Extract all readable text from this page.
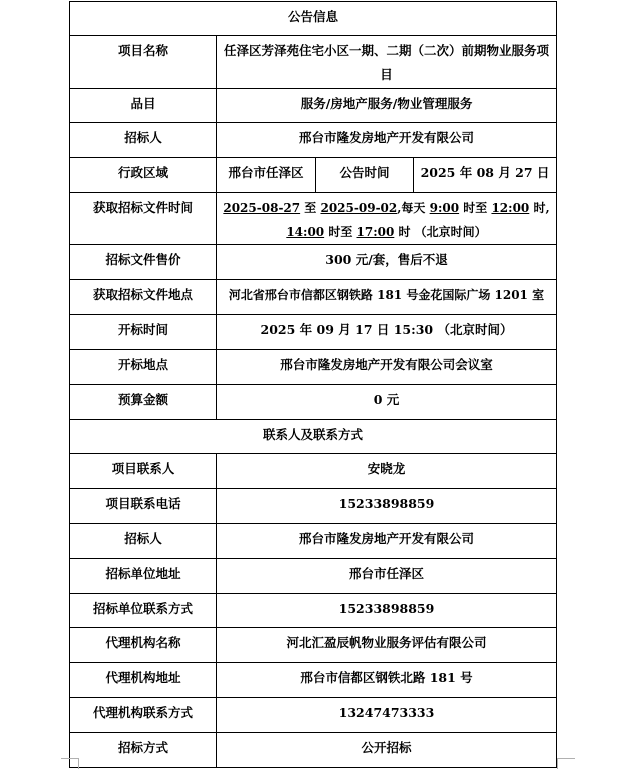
公告信息			
项目名称	任泽区芳泽苑住宅小区一期、二期（二次）前期物业服务项目		
品目	服务/房地产服务/物业管理服务		
招标人	邢台市隆发房地产开发有限公司		
行政区域	邢台市任泽区	公告时间	2025 年 08 月 27 日
获取招标文件时间	2025-08-27 至 2025-09-02,每天 9:00 时至 12:00 时, 14:00 时至 17:00 时 （北京时间）		
招标文件售价	300 元/套，售后不退		
获取招标文件地点	河北省邢台市信都区钢铁路 181 号金花国际广场 1201 室		
开标时间	2025 年 09 月 17 日 15:30 （北京时间）		
开标地点	邢台市隆发房地产开发有限公司会议室		
预算金额	0 元		
联系人及联系方式			
项目联系人	安晓龙		
项目联系电话	15233898859		
招标人	邢台市隆发房地产开发有限公司		
招标单位地址	邢台市任泽区		
招标单位联系方式	15233898859		
代理机构名称	河北汇盈辰帆物业服务评估有限公司		
代理机构地址	邢台市信都区钢铁北路 181 号		
代理机构联系方式	13247473333		
招标方式	公开招标		
